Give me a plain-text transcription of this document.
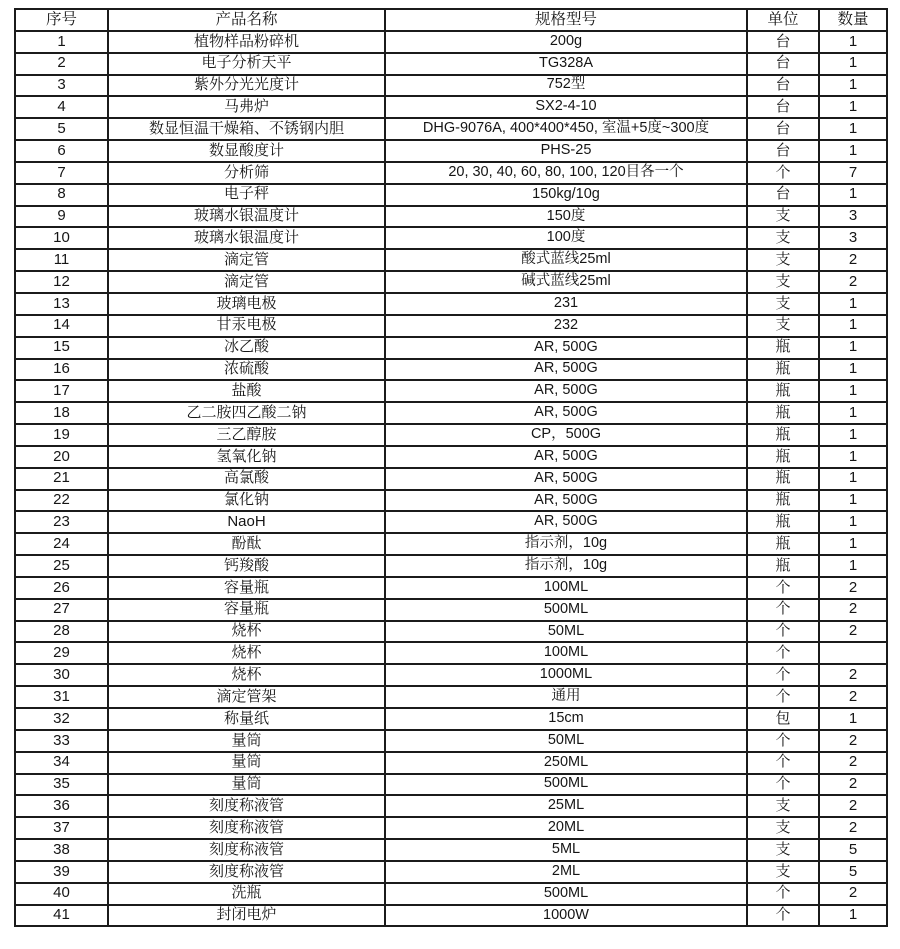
序号	产品名称	规格型号	单位	数量
1	植物样品粉碎机	200g	台	1
2	电子分析天平	TG328A	台	1
3	紫外分光光度计	752型	台	1
4	马弗炉	SX2-4-10	台	1
5	数显恒温干燥箱、不锈钢内胆	DHG-9076A, 400*400*450, 室温+5度~300度	台	1
6	数显酸度计	PHS-25	台	1
7	分析筛	20, 30, 40, 60, 80, 100, 120目各一个	个	7
8	电子秤	150kg/10g	台	1
9	玻璃水银温度计	150度	支	3
10	玻璃水银温度计	100度	支	3
11	滴定管	酸式蓝线25ml	支	2
12	滴定管	碱式蓝线25ml	支	2
13	玻璃电极	231	支	1
14	甘汞电极	232	支	1
15	冰乙酸	AR, 500G	瓶	1
16	浓硫酸	AR, 500G	瓶	1
17	盐酸	AR, 500G	瓶	1
18	乙二胺四乙酸二钠	AR, 500G	瓶	1
19	三乙醇胺	CP，500G	瓶	1
20	氢氧化钠	AR, 500G	瓶	1
21	高氯酸	AR, 500G	瓶	1
22	氯化钠	AR, 500G	瓶	1
23	NaoH	AR, 500G	瓶	1
24	酚酞	指示剂，10g	瓶	1
25	钙羧酸	指示剂，10g	瓶	1
26	容量瓶	100ML	个	2
27	容量瓶	500ML	个	2
28	烧杯	50ML	个	2
29	烧杯	100ML	个	
30	烧杯	1000ML	个	2
31	滴定管架	通用	个	2
32	称量纸	15cm	包	1
33	量筒	50ML	个	2
34	量筒	250ML	个	2
35	量筒	500ML	个	2
36	刻度称液管	25ML	支	2
37	刻度称液管	20ML	支	2
38	刻度称液管	5ML	支	5
39	刻度称液管	2ML	支	5
40	洗瓶	500ML	个	2
41	封闭电炉	1000W	个	1
